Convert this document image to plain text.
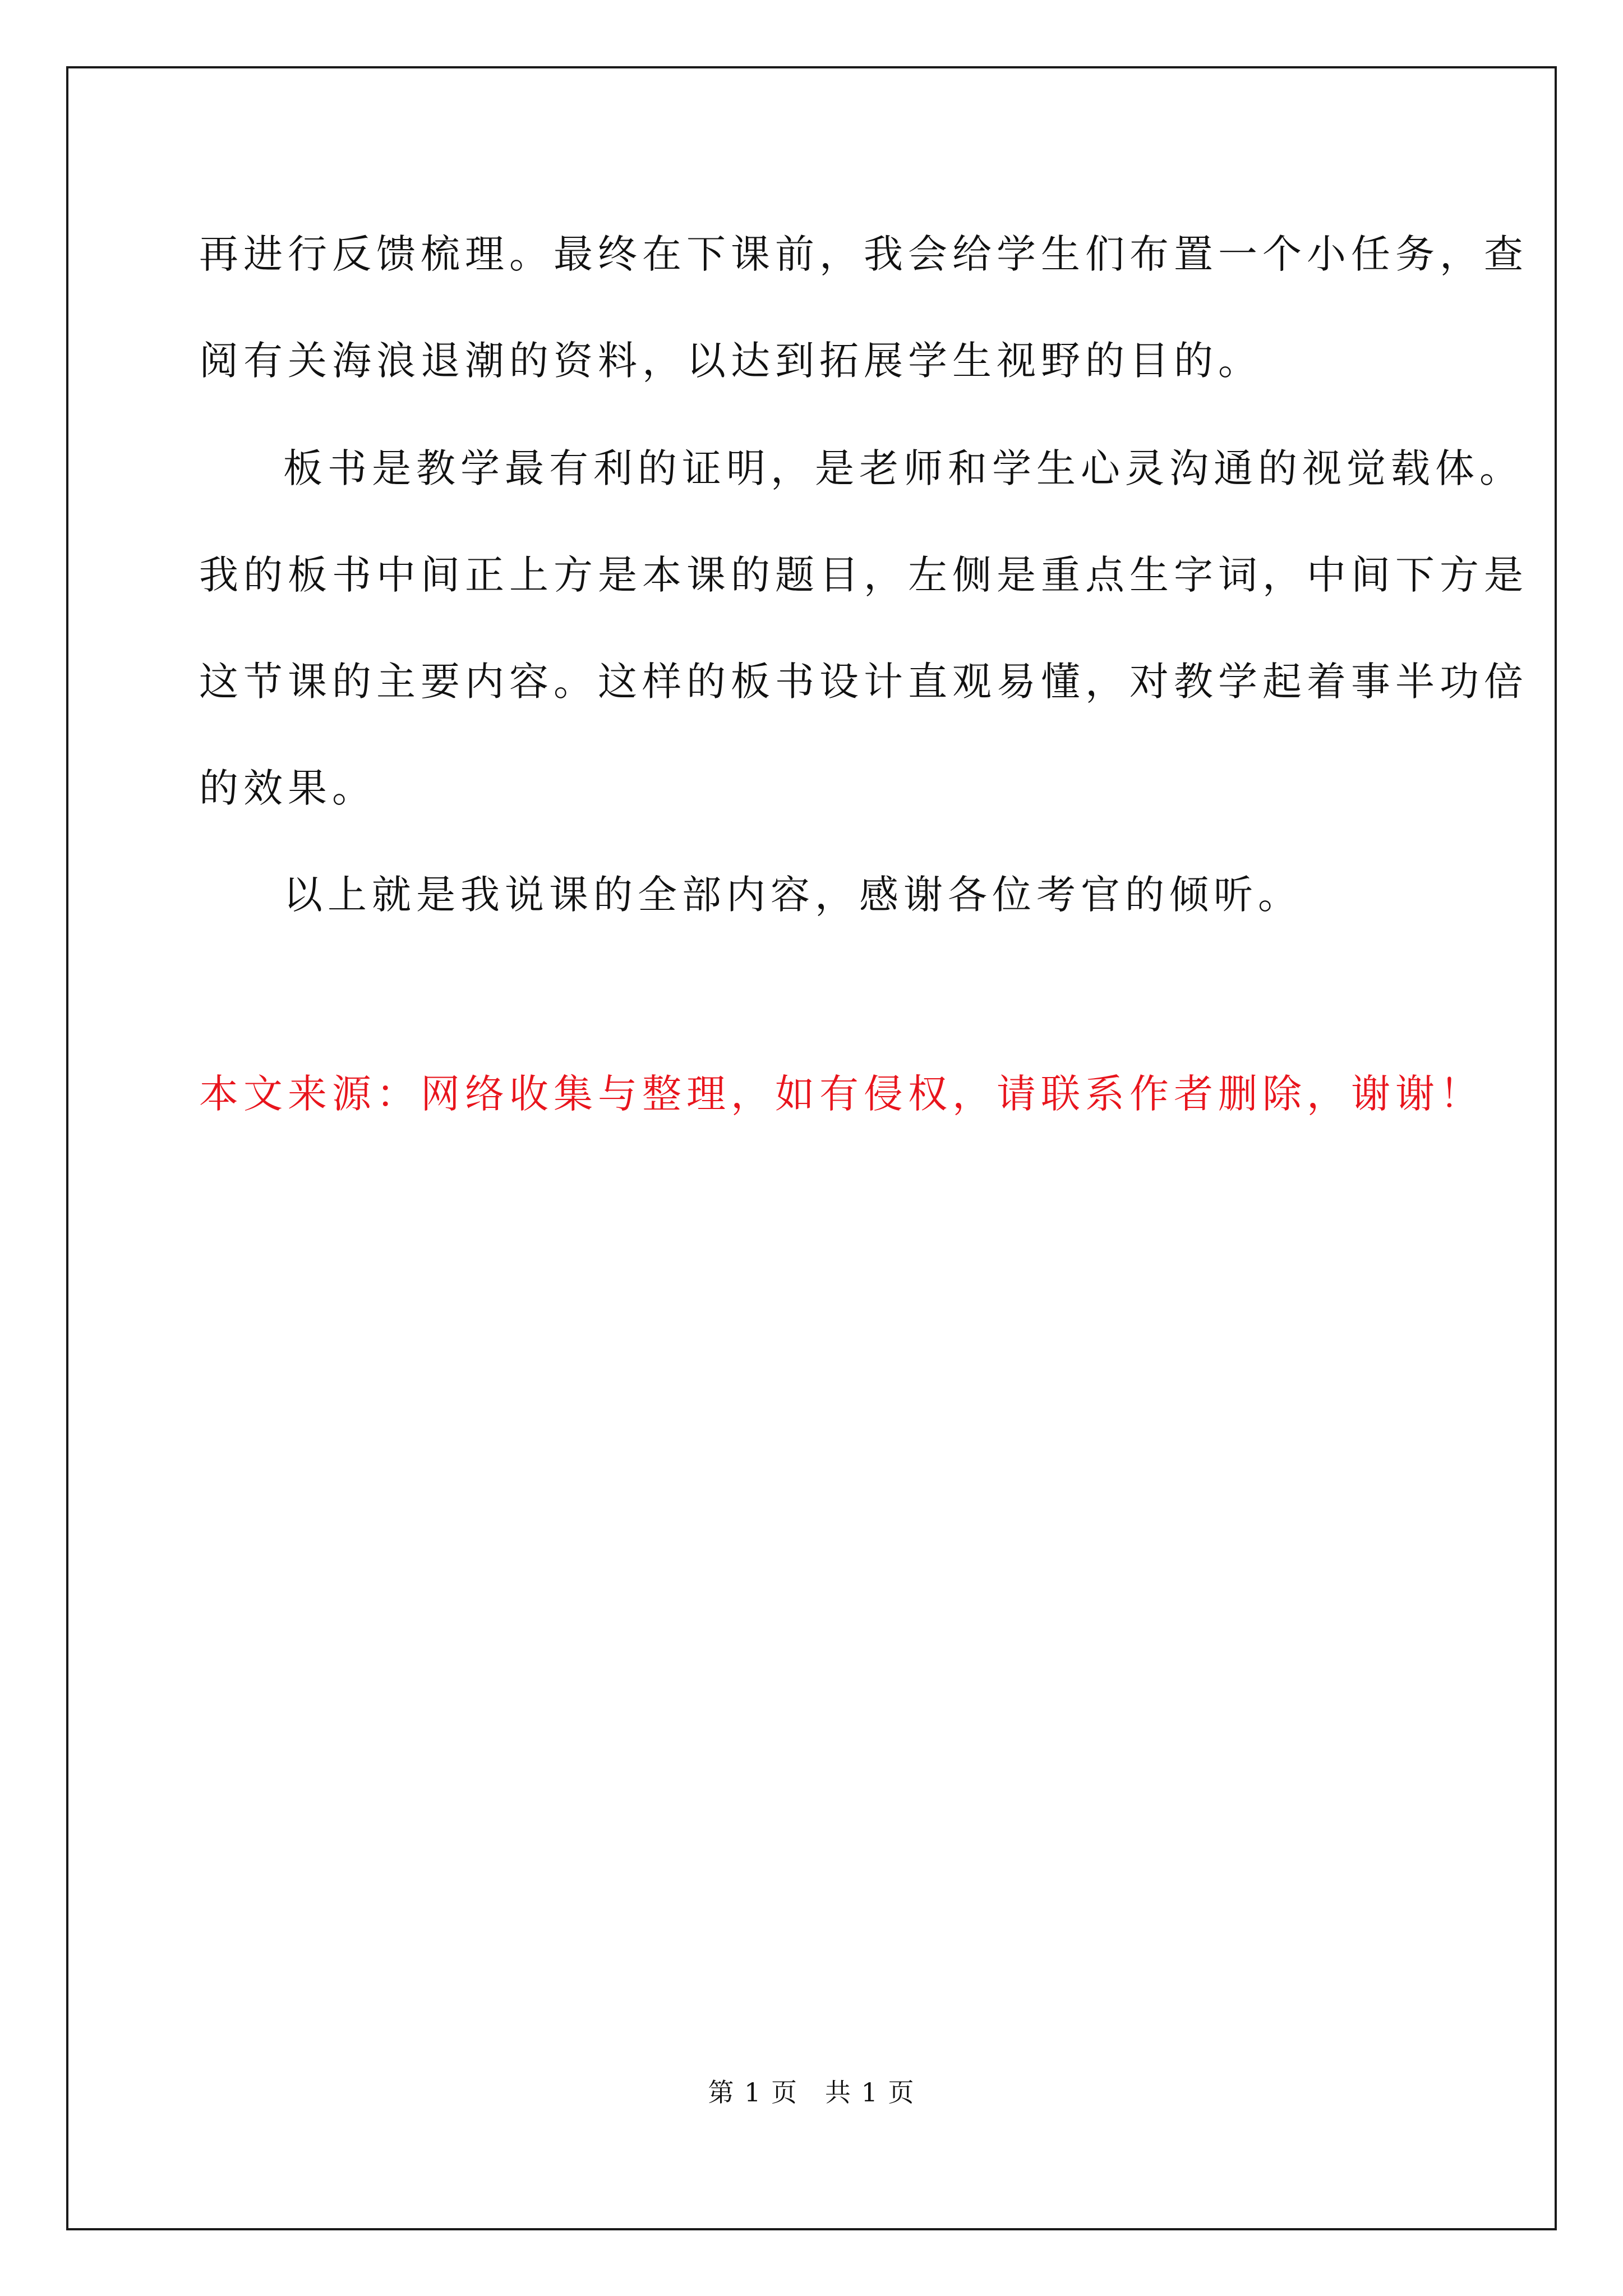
再进行反馈梳理。最终在下课前，我会给学生们布置一个小任务，查
阅有关海浪退潮的资料，以达到拓展学生视野的目的。

板书是教学最有利的证明，是老师和学生心灵沟通的视觉载体。
我的板书中间正上方是本课的题目，左侧是重点生字词，中间下方是
这节课的主要内容。这样的板书设计直观易懂，对教学起着事半功倍
的效果。

以上就是我说课的全部内容，感谢各位考官的倾听。

本文来源：网络收集与整理，如有侵权，请联系作者删除，谢谢！

第 1 页　共 1 页
